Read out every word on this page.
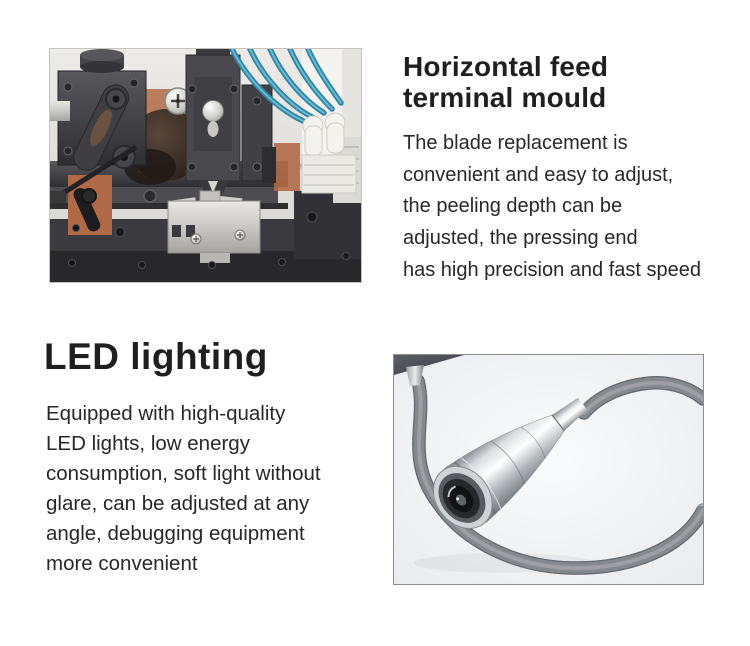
Horizontal feed
terminal mould
The blade replacement is
convenient and easy to adjust,
the peeling depth can be
adjusted, the pressing end
has high precision and fast speed
LED lighting
Equipped with high-quality
LED lights, low energy
consumption, soft light without
glare, can be adjusted at any
angle, debugging equipment
more convenient
